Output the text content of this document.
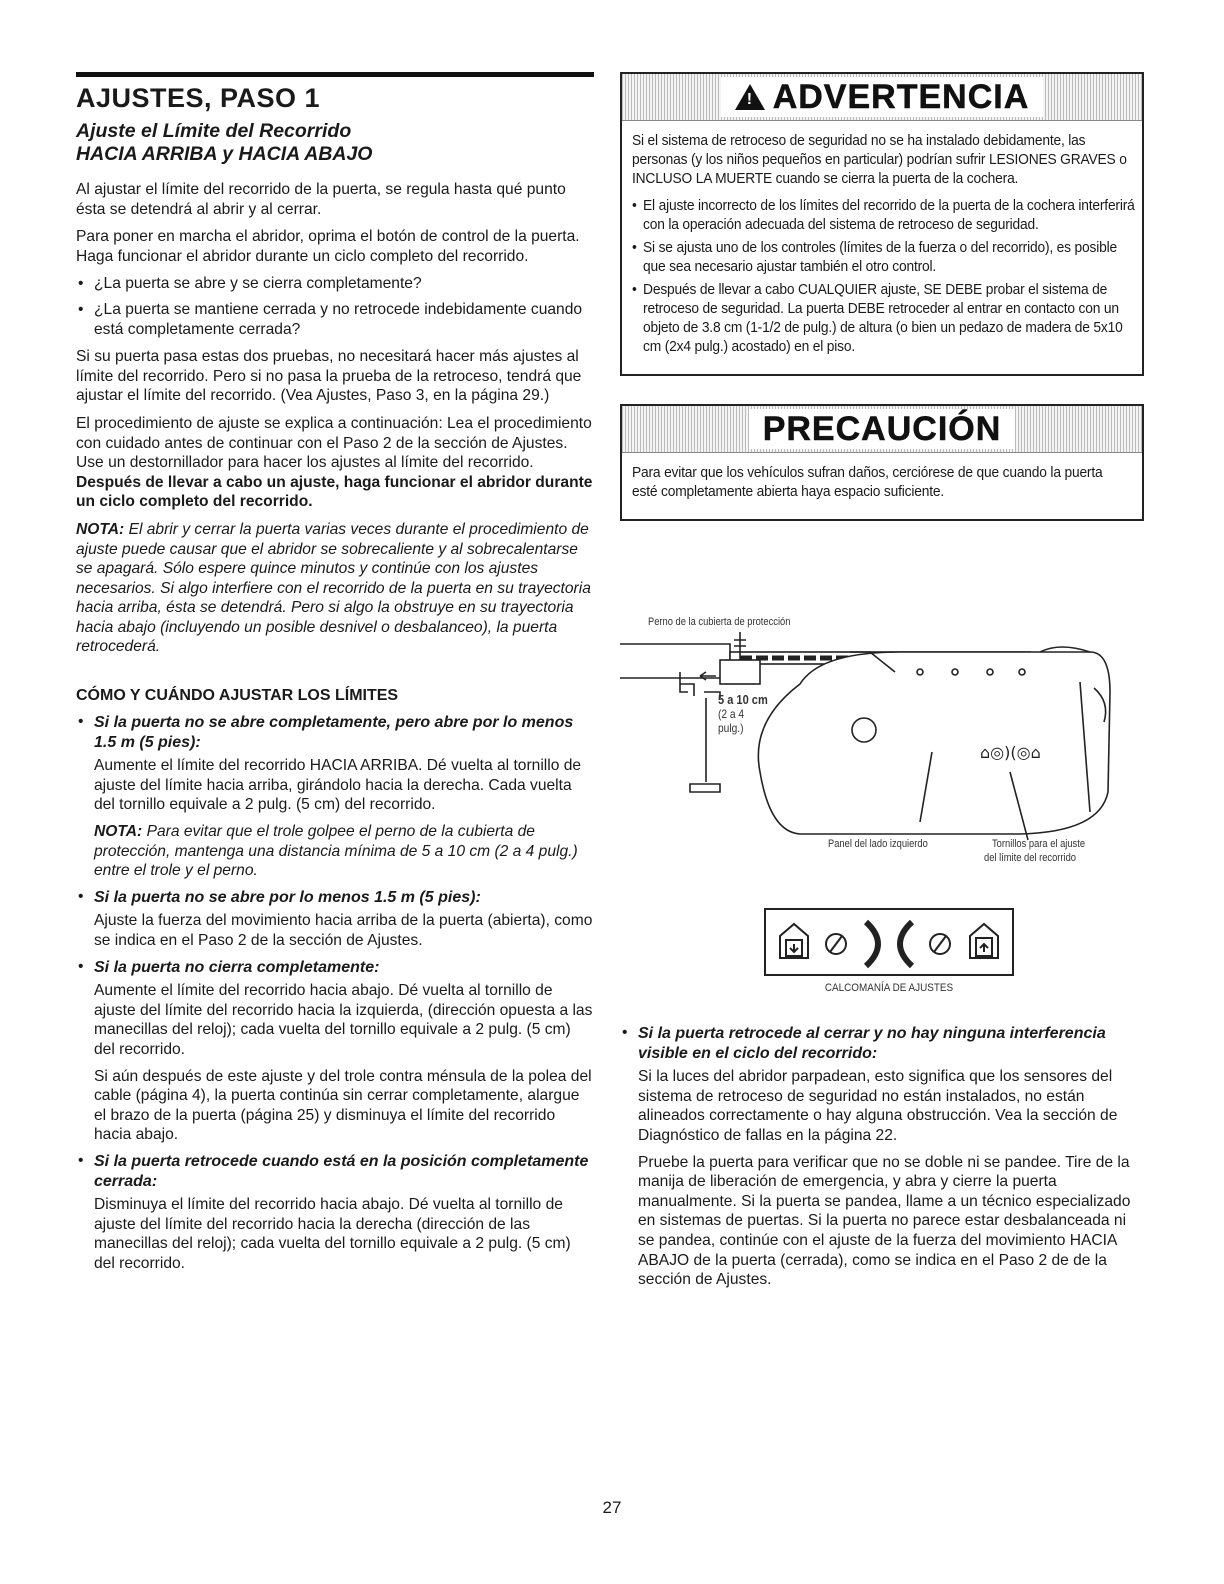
AJUSTES, PASO 1
Ajuste el Límite del Recorrido
HACIA ARRIBA y HACIA ABAJO

Al ajustar el límite del recorrido de la puerta, se regula hasta qué punto ésta se detendrá al abrir y al cerrar.

Para poner en marcha el abridor, oprima el botón de control de la puerta. Haga funcionar el abridor durante un ciclo completo del recorrido.

• ¿La puerta se abre y se cierra completamente?
• ¿La puerta se mantiene cerrada y no retrocede indebidamente cuando está completamente cerrada?

Si su puerta pasa estas dos pruebas, no necesitará hacer más ajustes al límite del recorrido. Pero si no pasa la prueba de la retroceso, tendrá que ajustar el límite del recorrido. (Vea Ajustes, Paso 3, en la página 29.)

El procedimiento de ajuste se explica a continuación: Lea el procedimiento con cuidado antes de continuar con el Paso 2 de la sección de Ajustes. Use un destornillador para hacer los ajustes al límite del recorrido. Después de llevar a cabo un ajuste, haga funcionar el abridor durante un ciclo completo del recorrido.

NOTA: El abrir y cerrar la puerta varias veces durante el procedimiento de ajuste puede causar que el abridor se sobrecaliente y al sobrecalentarse se apagará. Sólo espere quince minutos y continúe con los ajustes necesarios. Si algo interfiere con el recorrido de la puerta en su trayectoria hacia arriba, ésta se detendrá. Pero si algo la obstruye en su trayectoria hacia abajo (incluyendo un posible desnivel o desbalanceo), la puerta retrocederá.

CÓMO Y CUÁNDO AJUSTAR LOS LÍMITES
• Si la puerta no se abre completamente, pero abre por lo menos 1.5 m (5 pies):

Aumente el límite del recorrido HACIA ARRIBA. Dé vuelta al tornillo de ajuste del límite hacia arriba, girándolo hacia la derecha. Cada vuelta del tornillo equivale a 2 pulg. (5 cm) del recorrido.

NOTA: Para evitar que el trole golpee el perno de la cubierta de protección, mantenga una distancia mínima de 5 a 10 cm (2 a 4 pulg.) entre el trole y el perno.

• Si la puerta no se abre por lo menos 1.5 m (5 pies):

Ajuste la fuerza del movimiento hacia arriba de la puerta (abierta), como se indica en el Paso 2 de la sección de Ajustes.

• Si la puerta no cierra completamente:

Aumente el límite del recorrido hacia abajo. Dé vuelta al tornillo de ajuste del límite del recorrido hacia la izquierda, (dirección opuesta a las manecillas del reloj); cada vuelta del tornillo equivale a 2 pulg. (5 cm) del recorrido.

Si aún después de este ajuste y del trole contra ménsula de la polea del cable (página 4), la puerta continúa sin cerrar completamente, alargue el brazo de la puerta (página 25) y disminuya el límite del recorrido hacia abajo.

• Si la puerta retrocede cuando está en la posición completamente cerrada:

Disminuya el límite del recorrido hacia abajo. Dé vuelta al tornillo de ajuste del límite del recorrido hacia la derecha (dirección de las manecillas del reloj); cada vuelta del tornillo equivale a 2 pulg. (5 cm) del recorrido.

! ADVERTENCIA

Si el sistema de retroceso de seguridad no se ha instalado debidamente, las personas (y los niños pequeños en particular) podrían sufrir LESIONES GRAVES o INCLUSO LA MUERTE cuando se cierra la puerta de la cochera.

• El ajuste incorrecto de los límites del recorrido de la puerta de la cochera interferirá con la operación adecuada del sistema de retroceso de seguridad.
• Si se ajusta uno de los controles (límites de la fuerza o del recorrido), es posible que sea necesario ajustar también el otro control.
• Después de llevar a cabo CUALQUIER ajuste, SE DEBE probar el sistema de retroceso de seguridad. La puerta DEBE retroceder al entrar en contacto con un objeto de 3.8 cm (1-1/2 de pulg.) de altura (o bien un pedazo de madera de 5x10 cm (2x4 pulg.) acostado) en el piso.
PRECAUCIÓN

Para evitar que los vehículos sufran daños, cerciórese de que cuando la puerta esté completamente abierta haya espacio suficiente.

⌂◎)(◎⌂
Perno de la cubierta de protección
5 a 10 cm
(2 a 4
pulg.)
Panel del lado izquierdo	Tornillos para el ajuste
del límite del recorrido
CALCOMANÍA DE AJUSTES
• Si la puerta retrocede al cerrar y no hay ninguna interferencia visible en el ciclo del recorrido:

Si la luces del abridor parpadean, esto significa que los sensores del sistema de retroceso de seguridad no están instalados, no están alineados correctamente o hay alguna obstrucción. Vea la sección de Diagnóstico de fallas en la página 22.

Pruebe la puerta para verificar que no se doble ni se pandee. Tire de la manija de liberación de emergencia, y abra y cierre la puerta manualmente. Si la puerta se pandea, llame a un técnico especializado en sistemas de puertas. Si la puerta no parece estar desbalanceada ni se pandea, continúe con el ajuste de la fuerza del movimiento HACIA ABAJO de la puerta (cerrada), como se indica en el Paso 2 de de la sección de Ajustes.

27
